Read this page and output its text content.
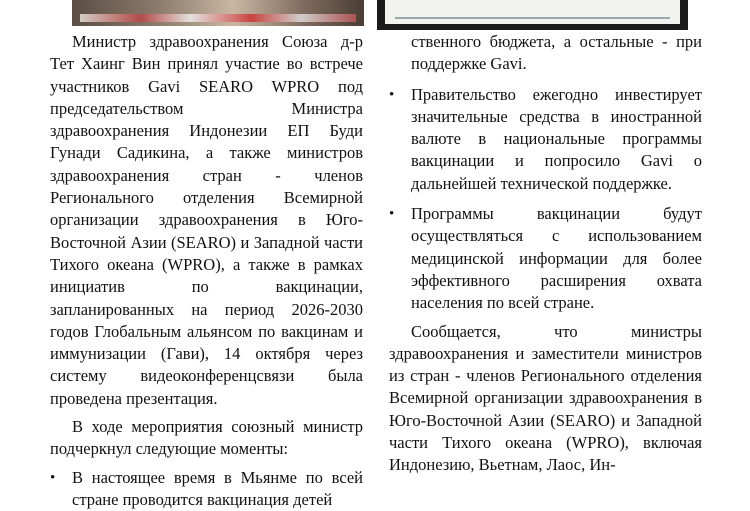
Министр здравоохранения Союза д-р Тет Хаинг Вин принял участие во встрече участников Gavi SEARO WPRO под председательством Министра здравоохранения Индонезии ЕП Буди Гунади Садикина, а также министров здравоохранения стран - членов Регионального отделения Всемирной организации здравоохранения в Юго-Восточной Азии (SEARO) и Западной части Тихого океана (WPRO), а также в рамках инициатив по вакцинации, запланированных на период 2026-2030 годов Глобальным альянсом по вакцинам и иммунизации (Гави), 14 октября через систему видеоконференцсвязи была проведена презентация.

В ходе мероприятия союзный министр подчеркнул следующие моменты:

• В настоящее время в Мьянме по всей стране проводится вакцинация детей
ственного бюджета, а остальные - при поддержке Gavi.
• Правительство ежегодно инвестирует значительные средства в иностранной валюте в национальные программы вакцинации и попросило Gavi о дальнейшей технической поддержке.
• Программы вакцинации будут осуществляться с использованием медицинской информации для более эффективного расширения охвата населения по всей стране.

Сообщается, что министры здравоохранения и заместители министров из стран - членов Регионального отделения Всемирной организации здравоохранения в Юго-Восточной Азии (SEARO) и Западной части Тихого океана (WPRO), включая Индонезию, Вьетнам, Лаос, Ин-
